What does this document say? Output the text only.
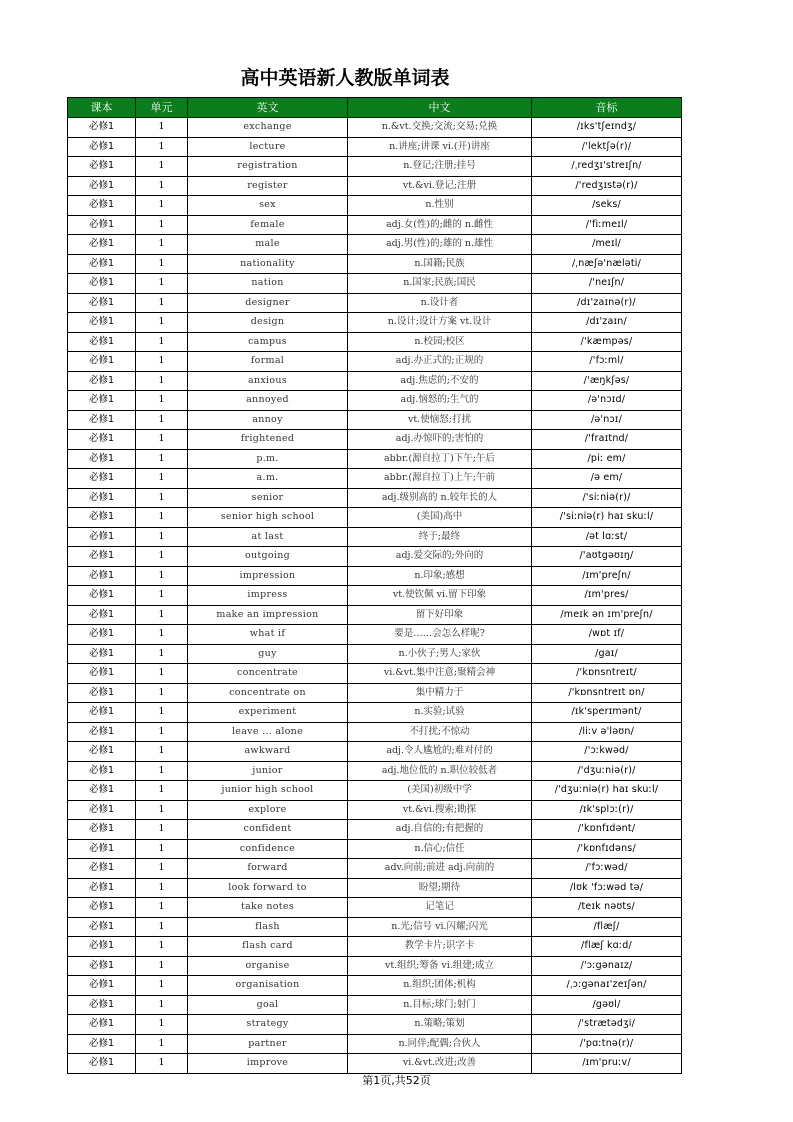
高中英语新人教版单词表
课本	单元	英文	中文	音标
必修1	1	exchange	n.&vt.交换;交流;交易;兑换	/ɪks'tʃeɪndʒ/
必修1	1	lecture	n.讲座;讲课 vi.(开)讲座	/'lektʃə(r)/
必修1	1	registration	n.登记;注册;挂号	/ˌredʒɪ'streɪʃn/
必修1	1	register	vt.&vi.登记;注册	/'redʒɪstə(r)/
必修1	1	sex	n.性别	/seks/
必修1	1	female	adj.女(性)的;雌的 n.雌性	/'fiːmeɪl/
必修1	1	male	adj.男(性)的;雄的 n.雄性	/meɪl/
必修1	1	nationality	n.国籍;民族	/ˌnæʃə'næləti/
必修1	1	nation	n.国家;民族;国民	/'neɪʃn/
必修1	1	designer	n.设计者	/dɪ'zaɪnə(r)/
必修1	1	design	n.设计;设计方案 vt.设计	/dɪ'zaɪn/
必修1	1	campus	n.校园;校区	/'kæmpəs/
必修1	1	formal	adj.办正式的;正规的	/'fɔːml/
必修1	1	anxious	adj.焦虑的;不安的	/'æŋkʃəs/
必修1	1	annoyed	adj.恼怒的;生气的	/ə'nɔɪd/
必修1	1	annoy	vt.使恼怒;打扰	/ə'nɔɪ/
必修1	1	frightened	adj.办惊吓的;害怕的	/'fraɪtnd/
必修1	1	p.m.	abbr.(源自拉丁)下午;午后	/piː em/
必修1	1	a.m.	abbr.(源自拉丁)上午;午前	/ə em/
必修1	1	senior	adj.级别高的 n.较年长的人	/'siːniə(r)/
必修1	1	senior high school	(美国)高中	/'siːniə(r) haɪ skuːl/
必修1	1	at last	终于;最终	/ət lɑːst/
必修1	1	outgoing	adj.爱交际的;外向的	/'aʊtgəʊɪŋ/
必修1	1	impression	n.印象;感想	/ɪm'preʃn/
必修1	1	impress	vt.使钦佩 vi.留下印象	/ɪm'pres/
必修1	1	make an impression	留下好印象	/meɪk ən ɪm'preʃn/
必修1	1	what if	要是……会怎么样呢?	/wɒt ɪf/
必修1	1	guy	n.小伙子;男人;家伙	/gaɪ/
必修1	1	concentrate	vi.&vt.集中注意;聚精会神	/'kɒnsntreɪt/
必修1	1	concentrate on	集中精力于	/'kɒnsntreɪt ɒn/
必修1	1	experiment	n.实验;试验	/ɪk'sperɪmənt/
必修1	1	leave ... alone	不打扰;不惊动	/liːv ə'ləʊn/
必修1	1	awkward	adj.令人尴尬的;难对付的	/'ɔːkwəd/
必修1	1	junior	adj.地位低的 n.职位较低者	/'dʒuːniə(r)/
必修1	1	junior high school	(美国)初级中学	/'dʒuːniə(r) haɪ skuːl/
必修1	1	explore	vt.&vi.搜索;勘探	/ɪk'splɔː(r)/
必修1	1	confident	adj.自信的;有把握的	/'kɒnfɪdənt/
必修1	1	confidence	n.信心;信任	/'kɒnfɪdəns/
必修1	1	forward	adv.向前;前进 adj.向前的	/'fɔːwəd/
必修1	1	look forward to	盼望;期待	/lʊk 'fɔːwəd tə/
必修1	1	take notes	记笔记	/teɪk nəʊts/
必修1	1	flash	n.光;信号 vi.闪耀;闪光	/flæʃ/
必修1	1	flash card	教学卡片;识字卡	/flæʃ kɑːd/
必修1	1	organise	vt.组织;筹备 vi.组建;成立	/'ɔːgənaɪz/
必修1	1	organisation	n.组织;团体;机构	/ˌɔːgənaɪ'zeɪʃən/
必修1	1	goal	n.目标;球门;射门	/gəʊl/
必修1	1	strategy	n.策略;策划	/'strætədʒi/
必修1	1	partner	n.同伴;配偶;合伙人	/'pɑːtnə(r)/
必修1	1	improve	vi.&vt.改进;改善	/ɪm'pruːv/
第1页,共52页
